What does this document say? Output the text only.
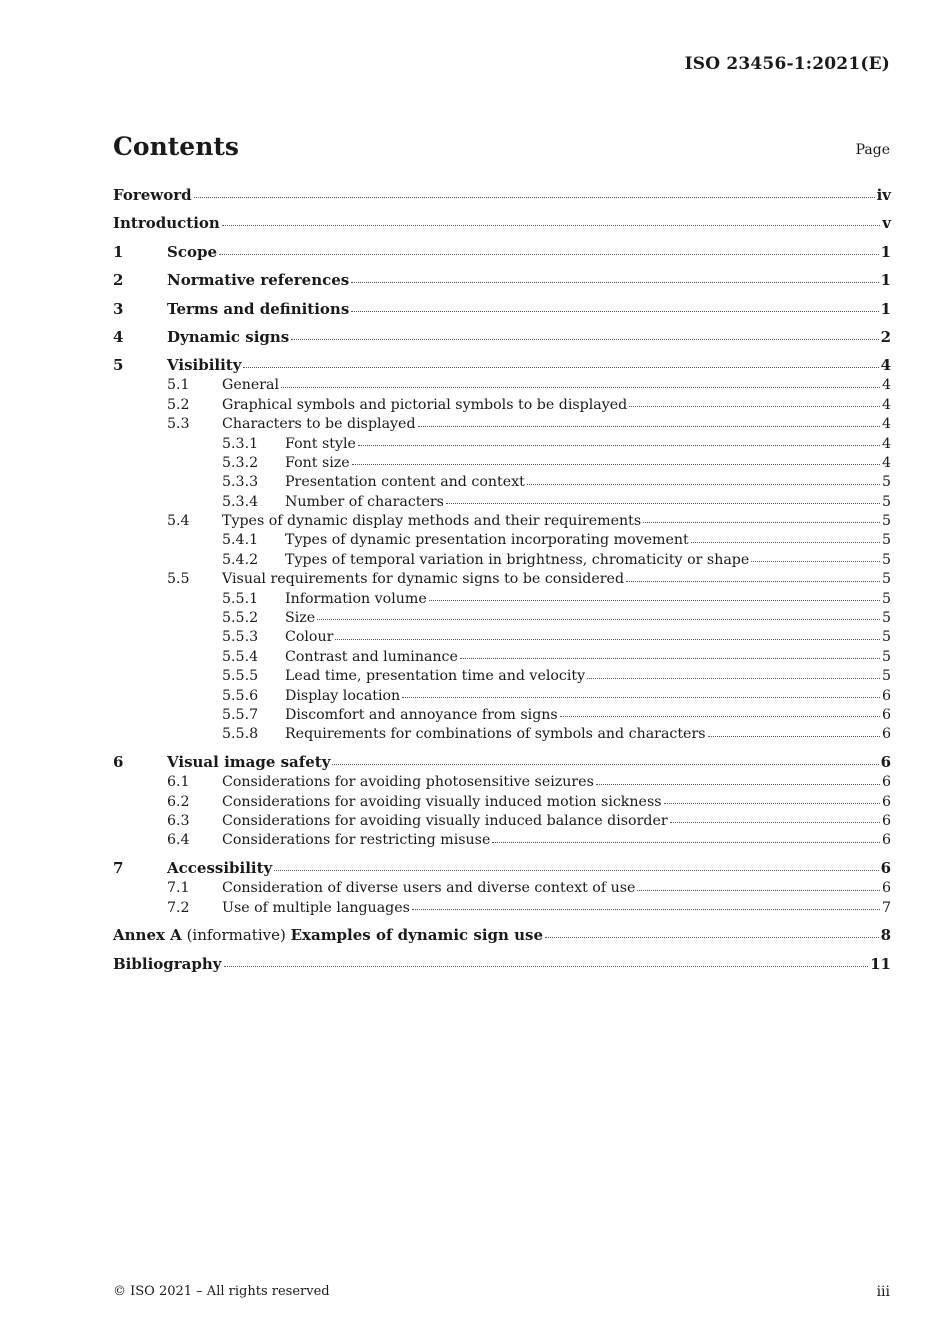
ISO 23456-1:2021(E)
Contents	Page
Foreword	iv
Introduction	v
1	Scope	1
2	Normative references	1
3	Terms and definitions	1
4	Dynamic signs	2
5	Visibility	4
5.1	General	4
5.2	Graphical symbols and pictorial symbols to be displayed	4
5.3	Characters to be displayed	4
5.3.1	Font style	4
5.3.2	Font size	4
5.3.3	Presentation content and context	5
5.3.4	Number of characters	5
5.4	Types of dynamic display methods and their requirements	5
5.4.1	Types of dynamic presentation incorporating movement	5
5.4.2	Types of temporal variation in brightness, chromaticity or shape	5
5.5	Visual requirements for dynamic signs to be considered	5
5.5.1	Information volume	5
5.5.2	Size	5
5.5.3	Colour	5
5.5.4	Contrast and luminance	5
5.5.5	Lead time, presentation time and velocity	5
5.5.6	Display location	6
5.5.7	Discomfort and annoyance from signs	6
5.5.8	Requirements for combinations of symbols and characters	6
6	Visual image safety	6
6.1	Considerations for avoiding photosensitive seizures	6
6.2	Considerations for avoiding visually induced motion sickness	6
6.3	Considerations for avoiding visually induced balance disorder	6
6.4	Considerations for restricting misuse	6
7	Accessibility	6
7.1	Consideration of diverse users and diverse context of use	6
7.2	Use of multiple languages	7
Annex A (informative) Examples of dynamic sign use	8
Bibliography	11
© ISO 2021 – All rights reserved	iii
